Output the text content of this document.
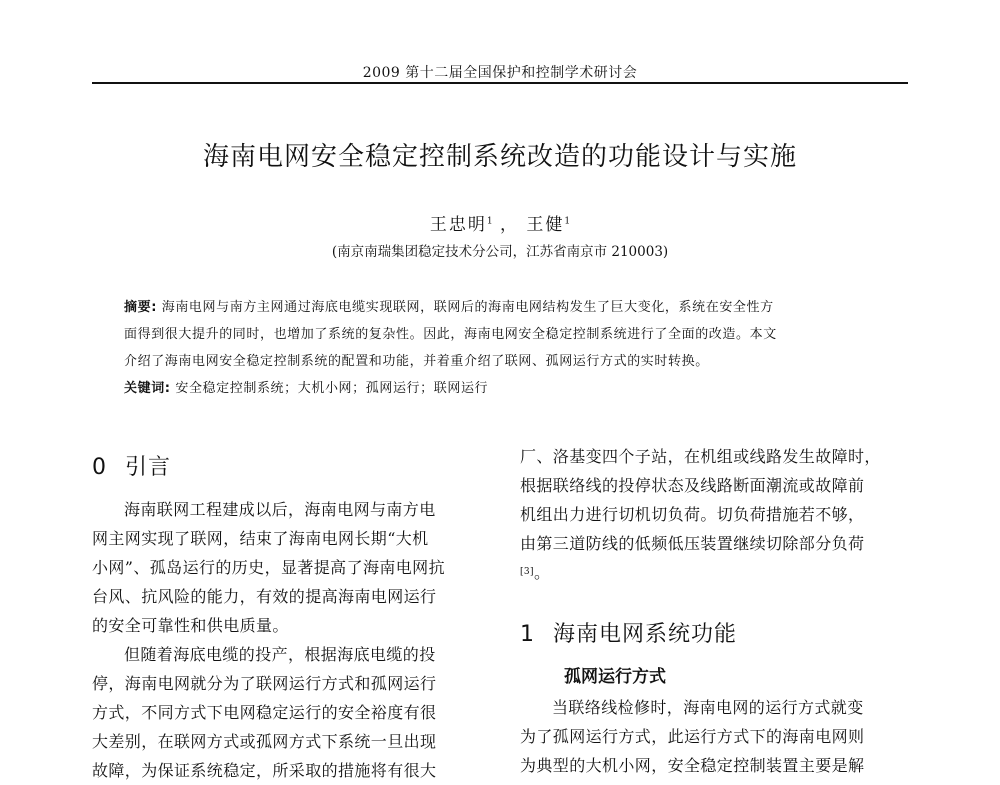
2009 第十二届全国保护和控制学术研讨会
海南电网安全稳定控制系统改造的功能设计与实施
王忠明$^1$ ， 王健$^1$
(南京南瑞集团稳定技术分公司，江苏省南京市 210003)
摘要: 海南电网与南方主网通过海底电缆实现联网，联网后的海南电网结构发生了巨大变化，系统在安全性方
面得到很大提升的同时，也增加了系统的复杂性。因此，海南电网安全稳定控制系统进行了全面的改造。本文
介绍了海南电网安全稳定控制系统的配置和功能，并着重介绍了联网、孤网运行方式的实时转换。
关键词: 安全稳定控制系统；大机小网；孤网运行；联网运行
0 引言

海南联网工程建成以后，海南电网与南方电
网主网实现了联网，结束了海南电网长期“大机
小网”、孤岛运行的历史，显著提高了海南电网抗
台风、抗风险的能力，有效的提高海南电网运行
的安全可靠性和供电质量。

但随着海底电缆的投产，根据海底电缆的投
停，海南电网就分为了联网运行方式和孤网运行
方式，不同方式下电网稳定运行的安全裕度有很
大差别，在联网方式或孤网方式下系统一旦出现
故障，为保证系统稳定，所采取的措施将有很大

厂、洛基变四个子站，在机组或线路发生故障时，
根据联络线的投停状态及线路断面潮流或故障前
机组出力进行切机切负荷。切负荷措施若不够，
由第三道防线的低频低压装置继续切除部分负荷
[3]。

1 海南电网系统功能
孤网运行方式

当联络线检修时，海南电网的运行方式就变
为了孤网运行方式，此运行方式下的海南电网则
为典型的大机小网，安全稳定控制装置主要是解
